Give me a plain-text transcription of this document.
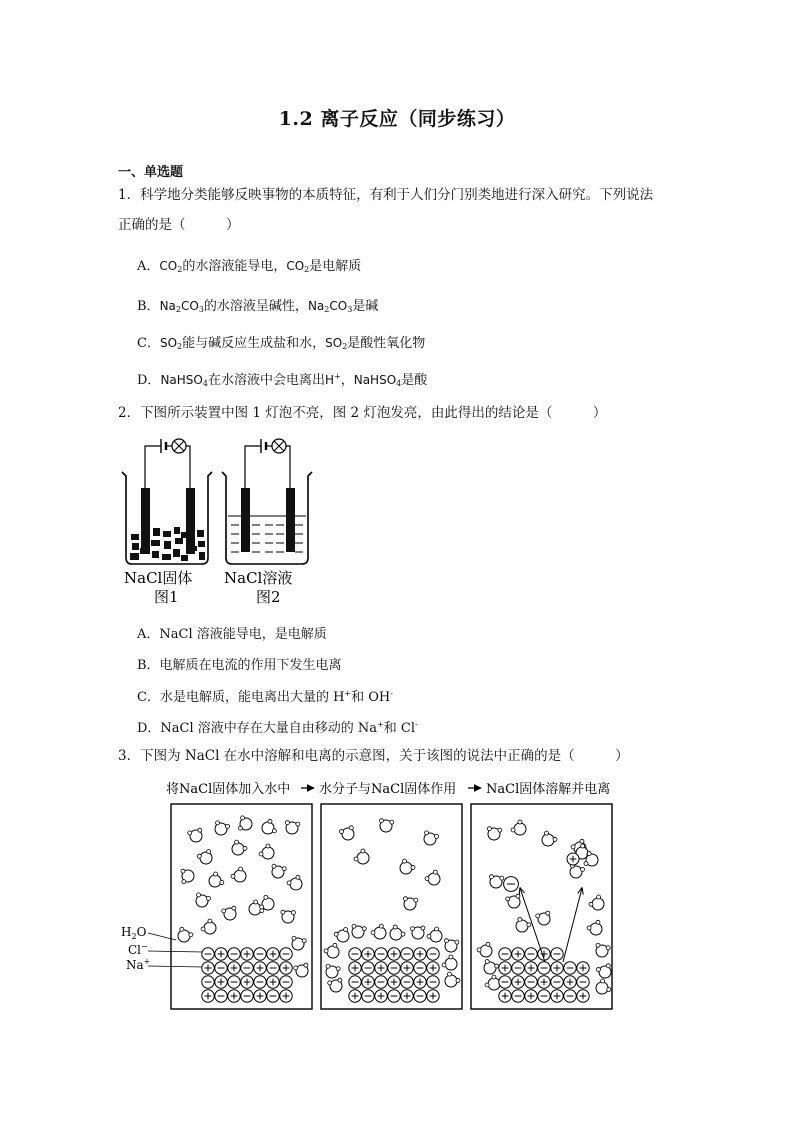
1.2 离子反应（同步练习）
一、单选题
1．科学地分类能够反映事物的本质特征，有利于人们分门别类地进行深入研究。下列说法
正确的是（　　　）
A．$CO_2$的水溶液能导电，$CO_2$是电解质
B．$Na_2CO_3$的水溶液呈碱性，$Na_2CO_3$是碱
C．$SO_2$能与碱反应生成盐和水，$SO_2$是酸性氧化物
D．NaHSO$_4$在水溶液中会电离出H+，NaHSO$_4$是酸
2．下图所示装置中图 1 灯泡不亮，图 2 灯泡发亮，由此得出的结论是（　　　）
NaCl固体
图1
NaCl溶液
图2
A．NaCl 溶液能导电，是电解质
B．电解质在电流的作用下发生电离
C．水是电解质，能电离出大量的 H+和 OH-
D．NaCl 溶液中存在大量自由移动的 Na+和 Cl-
3．下图为 NaCl 在水中溶解和电离的示意图，关于该图的说法中正确的是（　　　）
将NaCl固体加入水中 水分子与NaCl固体作用 NaCl固体溶解并电离
$H_2O$
Cl−
Na+
